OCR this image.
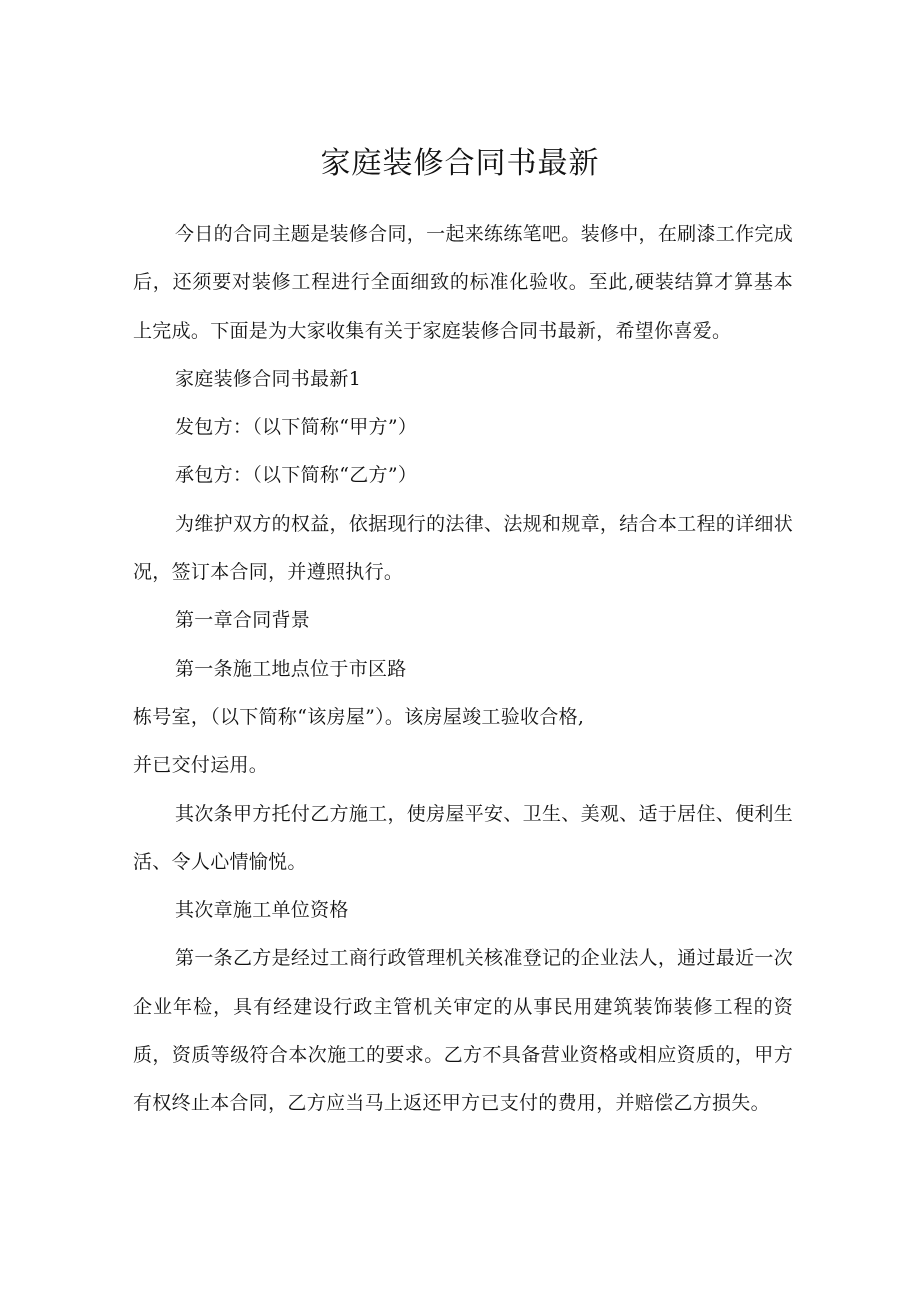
家庭装修合同书最新

今日的合同主题是装修合同，一起来练练笔吧。装修中，在刷漆工作完成后，还须要对装修工程进行全面细致的标准化验收。至此,硬装结算才算基本上完成。下面是为大家收集有关于家庭装修合同书最新，希望你喜爱。

家庭装修合同书最新1

发包方：（以下简称“甲方”）

承包方：（以下简称“乙方”）

为维护双方的权益，依据现行的法律、法规和规章，结合本工程的详细状况，签订本合同，并遵照执行。

第一章合同背景

第一条施工地点位于市区路

栋号室，（以下简称“该房屋”）。该房屋竣工验收合格,

并已交付运用。

其次条甲方托付乙方施工，使房屋平安、卫生、美观、适于居住、便利生活、令人心情愉悦。

其次章施工单位资格

第一条乙方是经过工商行政管理机关核准登记的企业法人，通过最近一次企业年检，具有经建设行政主管机关审定的从事民用建筑装饰装修工程的资质，资质等级符合本次施工的要求。乙方不具备营业资格或相应资质的，甲方有权终止本合同，乙方应当马上返还甲方已支付的费用，并赔偿乙方损失。
